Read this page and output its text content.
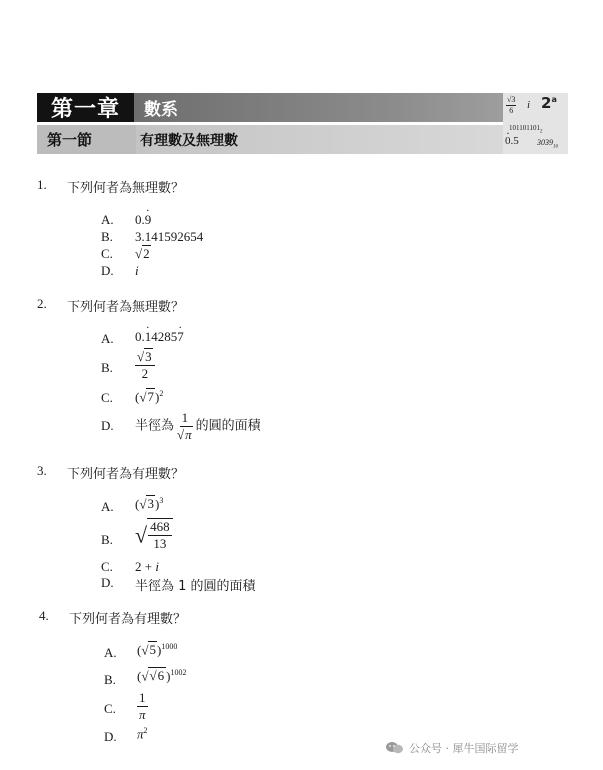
第一章	數系
第一節	有理數及無理數
$\frac{√3}{6}$ i 2$^a$
$101101101_2$
$0.5 \cdot 3039_{16}$
1. 下列何者為無理數？
A. 0.9 ·
B. 3.141592654
C. √2
D. i
2. 下列何者為無理數？
A. 0.1 ·42857 ·
B. $\frac{√3}{2}$
C. $(√7)^2$
D. 半徑為 $\frac{1}{√\pi}$ 的圓的面積
3. 下列何者為有理數？
A. $(√3)^3$
B. √ $\frac{468}{13}$
C. 2 + i
D. 半徑為 1 的圓的面積
4. 下列何者為有理數？
A. $(√5)^{1000}$
B. (√√6 )$^{1002}$
C. $\frac{1}{\pi}$
D. $\pi^2$
公众号 · 犀牛国际留学
